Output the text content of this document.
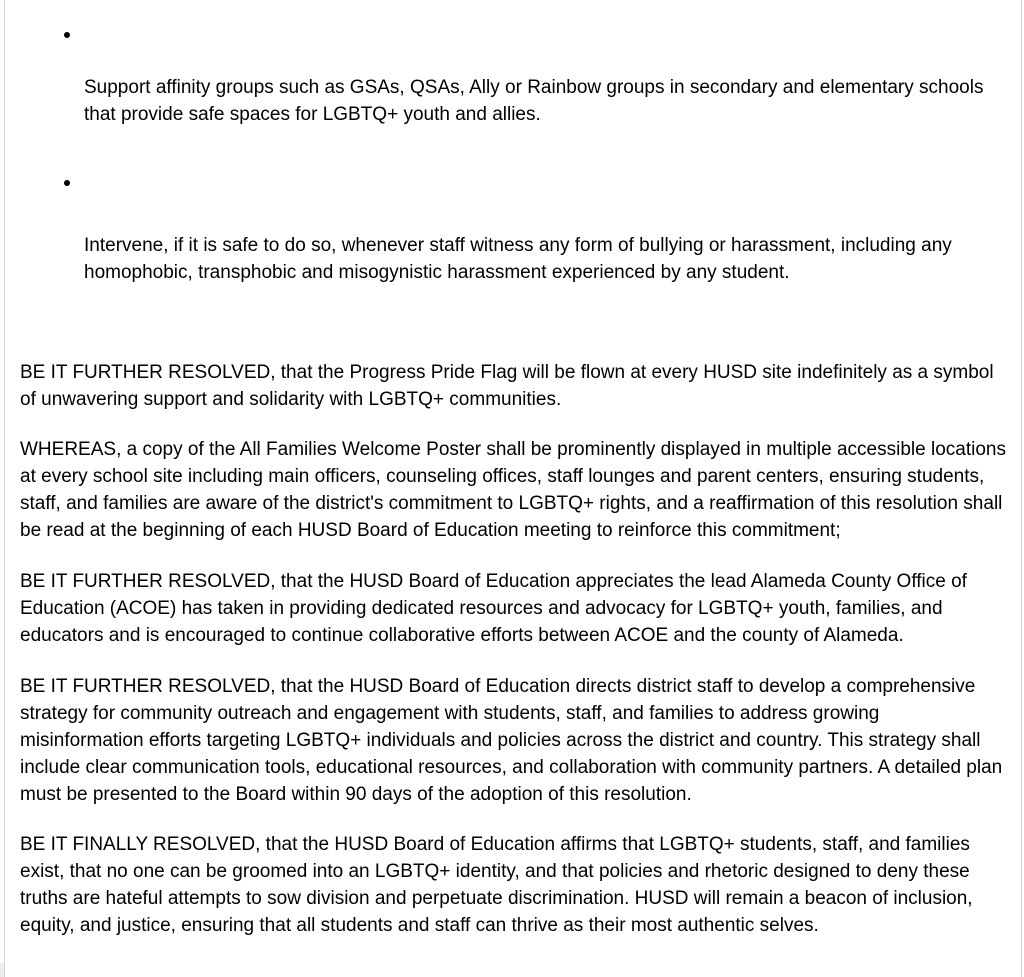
Support affinity groups such as GSAs, QSAs, Ally or Rainbow groups in secondary and elementary schools that provide safe spaces for LGBTQ+ youth and allies.
Intervene, if it is safe to do so, whenever staff witness any form of bullying or harassment, including any homophobic, transphobic and misogynistic harassment experienced by any student.
BE IT FURTHER RESOLVED, that the Progress Pride Flag will be flown at every HUSD site indefinitely as a symbol of unwavering support and solidarity with LGBTQ+ communities.
WHEREAS, a copy of the All Families Welcome Poster shall be prominently displayed in multiple accessible locations at every school site including main officers, counseling offices, staff lounges and parent centers, ensuring students, staff, and families are aware of the district's commitment to LGBTQ+ rights, and a reaffirmation of this resolution shall be read at the beginning of each HUSD Board of Education meeting to reinforce this commitment;
BE IT FURTHER RESOLVED, that the HUSD Board of Education appreciates the lead Alameda County Office of Education (ACOE) has taken in providing dedicated resources and advocacy for LGBTQ+ youth, families, and educators and is encouraged to continue collaborative efforts between ACOE and the county of Alameda.
BE IT FURTHER RESOLVED, that the HUSD Board of Education directs district staff to develop a comprehensive strategy for community outreach and engagement with students, staff, and families to address growing misinformation efforts targeting LGBTQ+ individuals and policies across the district and country. This strategy shall include clear communication tools, educational resources, and collaboration with community partners. A detailed plan must be presented to the Board within 90 days of the adoption of this resolution.
BE IT FINALLY RESOLVED, that the HUSD Board of Education affirms that LGBTQ+ students, staff, and families exist, that no one can be groomed into an LGBTQ+ identity, and that policies and rhetoric designed to deny these truths are hateful attempts to sow division and perpetuate discrimination. HUSD will remain a beacon of inclusion, equity, and justice, ensuring that all students and staff can thrive as their most authentic selves.
